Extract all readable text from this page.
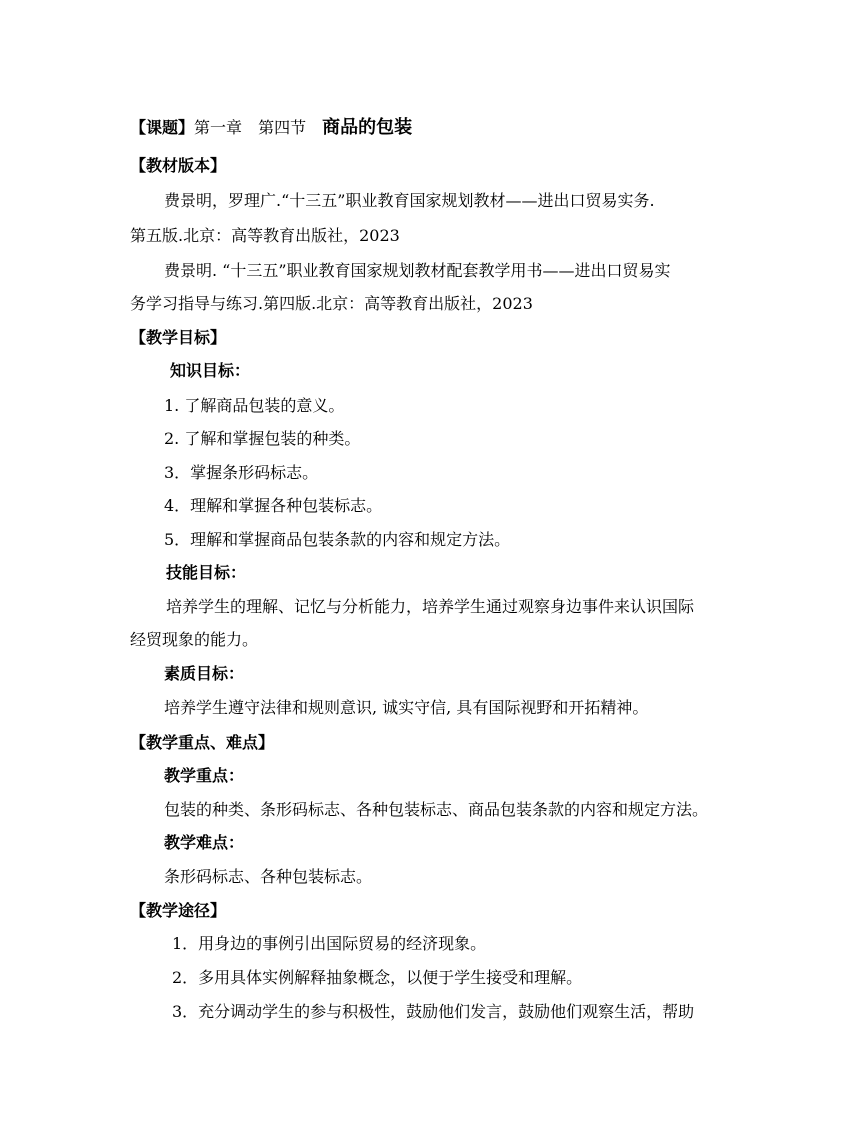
【课题】第一章 第四节 商品的包装
【教材版本】
费景明，罗理广.“十三五”职业教育国家规划教材——进出口贸易实务.
第五版.北京：高等教育出版社，2023
费景明. “十三五”职业教育国家规划教材配套教学用书——进出口贸易实
务学习指导与练习.第四版.北京：高等教育出版社，2023
【教学目标】
知识目标：
1. 了解商品包装的意义。
2. 了解和掌握包装的种类。
3．掌握条形码标志。
4．理解和掌握各种包装标志。
5．理解和掌握商品包装条款的内容和规定方法。
技能目标：
培养学生的理解、记忆与分析能力，培养学生通过观察身边事件来认识国际
经贸现象的能力。
素质目标：
培养学生遵守法律和规则意识, 诚实守信, 具有国际视野和开拓精神。
【教学重点、难点】
教学重点：
包装的种类、条形码标志、各种包装标志、商品包装条款的内容和规定方法。
教学难点：
条形码标志、各种包装标志。
【教学途径】
1．用身边的事例引出国际贸易的经济现象。
2．多用具体实例解释抽象概念，以便于学生接受和理解。
3．充分调动学生的参与积极性，鼓励他们发言，鼓励他们观察生活，帮助
